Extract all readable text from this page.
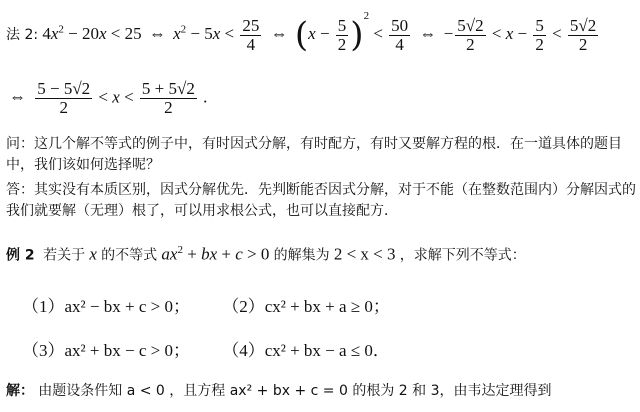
法 2: $4x^2 - 20x < 25$ ⇔ $x^2 - 5x < \frac{25}{4}$ ⇔ $(x - \frac{5}{2} )^2 < \frac{50}{4}$ ⇔ − $\frac{5√2}{2} < x - \frac{5}{2} < \frac{5√2}{2}$
⇔ $\frac{5 - 5√2}{2} < x < \frac{5 + 5√2}{2}$ .
问：这几个解不等式的例子中，有时因式分解，有时配方，有时又要解方程的根．在一道具体的题目中，我们该如何选择呢？
答：其实没有本质区别，因式分解优先．先判断能否因式分解，对于不能（在整数范围内）分解因式的我们就要解（无理）根了，可以用求根公式，也可以直接配方．
例 2 若关于 x 的不等式 $ax^2$ + bx + c > 0 的解集为 2 < x < 3 ，求解下列不等式：
（1）ax² − bx + c > 0； （2）cx² + bx + a ≥ 0；
（3）ax² + bx − c > 0； （4）cx² + bx − a ≤ 0．
解： 由题设条件知 a < 0 ，且方程 ax² + bx + c = 0 的根为 2 和 3，由韦达定理得到
